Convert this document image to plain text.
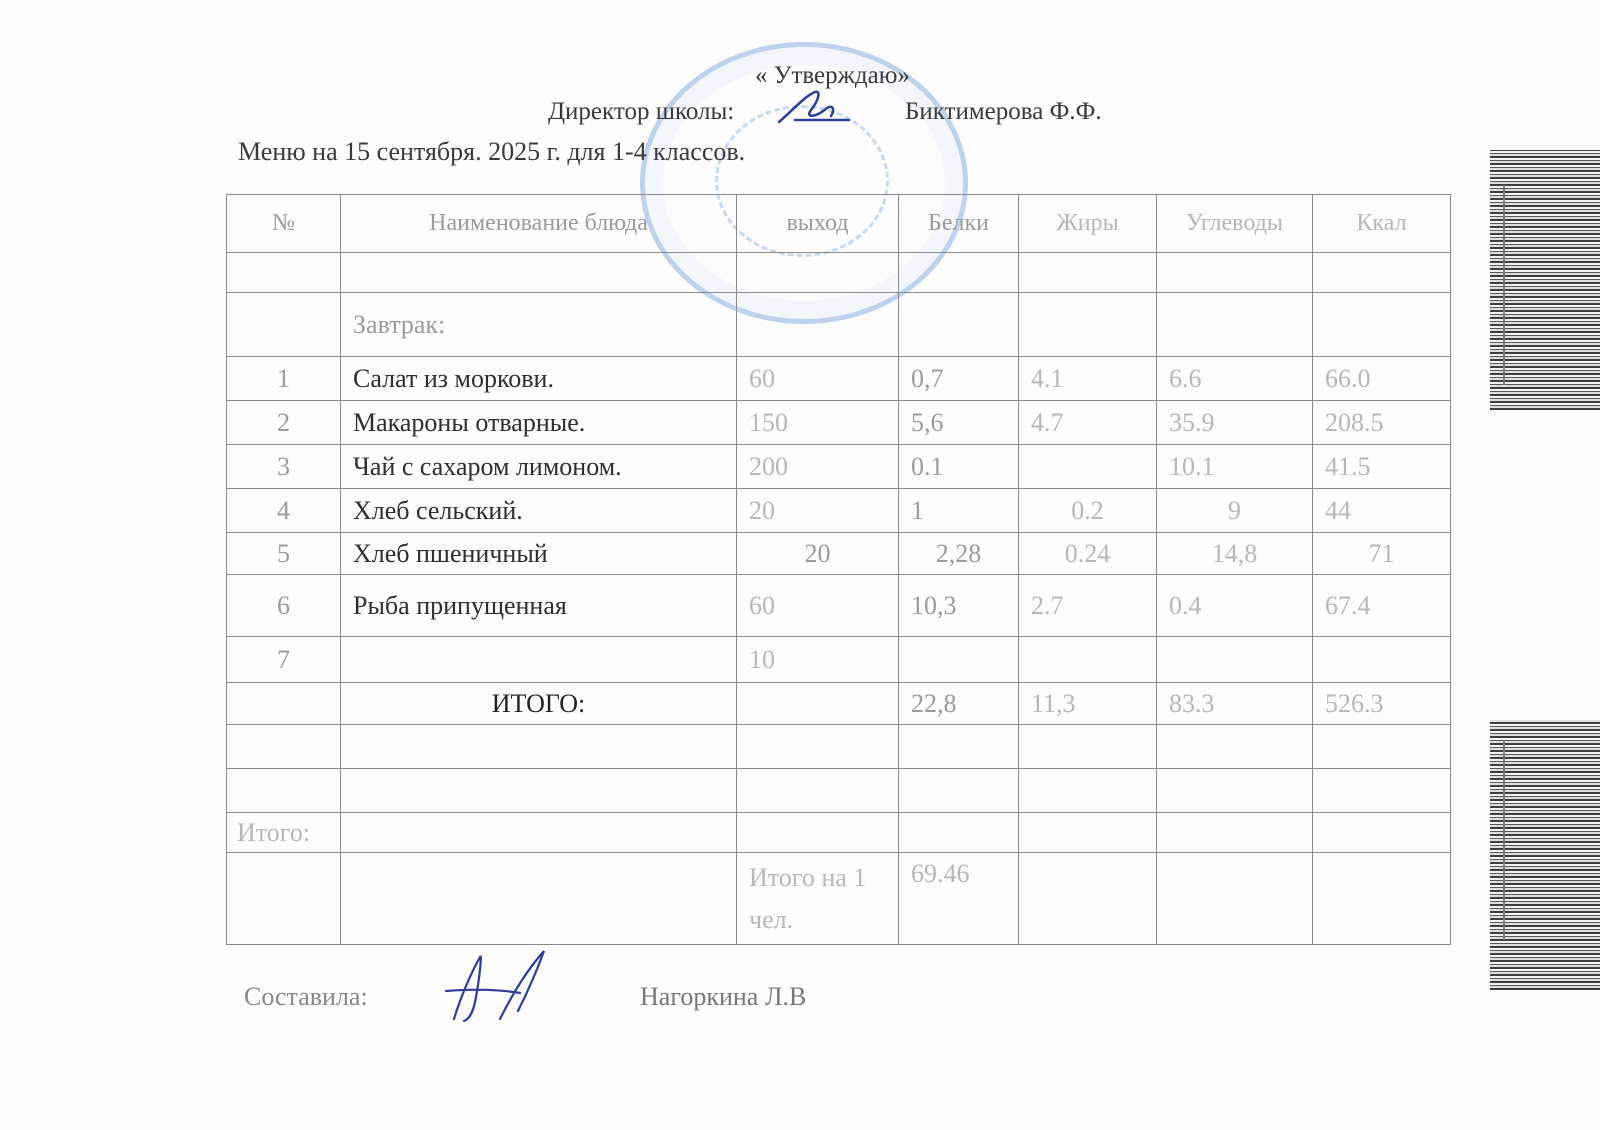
« Утверждаю»
Директор школы:	Биктимерова Ф.Ф.
Меню на 15 сентября. 2025 г. для 1-4 классов.
№	Наименование блюда	выход	Белки	Жиры	Углеводы	Ккал

	Завтрак:					
1	Салат из моркови.	60	0,7	4.1	6.6	66.0
2	Макароны отварные.	150	5,6	4.7	35.9	208.5
3	Чай с сахаром лимоном.	200	0.1		10.1	41.5
4	Хлеб сельский.	20	1	0.2	9	44
5	Хлеб пшеничный	20	2,28	0.24	14,8	71
6	Рыба припущенная	60	10,3	2.7	0.4	67.4
7		10				
	ИТОГО:		22,8	11,3	83.3	526.3

Итого:						
		Итого на 1 чел.	69.46			
Составила:	Нагоркина Л.В
